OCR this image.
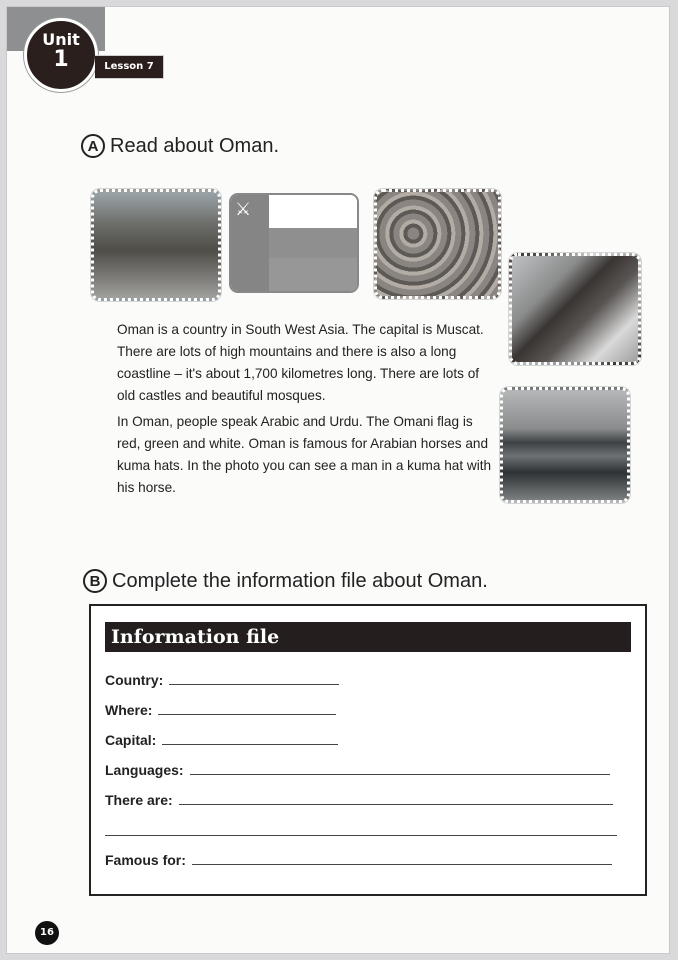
Unit
1	Lesson 7
A Read about Oman.
⚔

Oman is a country in South West Asia. The capital is Muscat. There are lots of high mountains and there is also a long coastline – it's about 1,700 kilometres long. There are lots of old castles and beautiful mosques.

In Oman, people speak Arabic and Urdu. The Omani flag is red, green and white. Oman is famous for Arabian horses and kuma hats. In the photo you can see a man in a kuma hat with his horse.

B Complete the information file about Oman.
Information file
Country:
Where:
Capital:
Languages:
There are:
Famous for:
16
